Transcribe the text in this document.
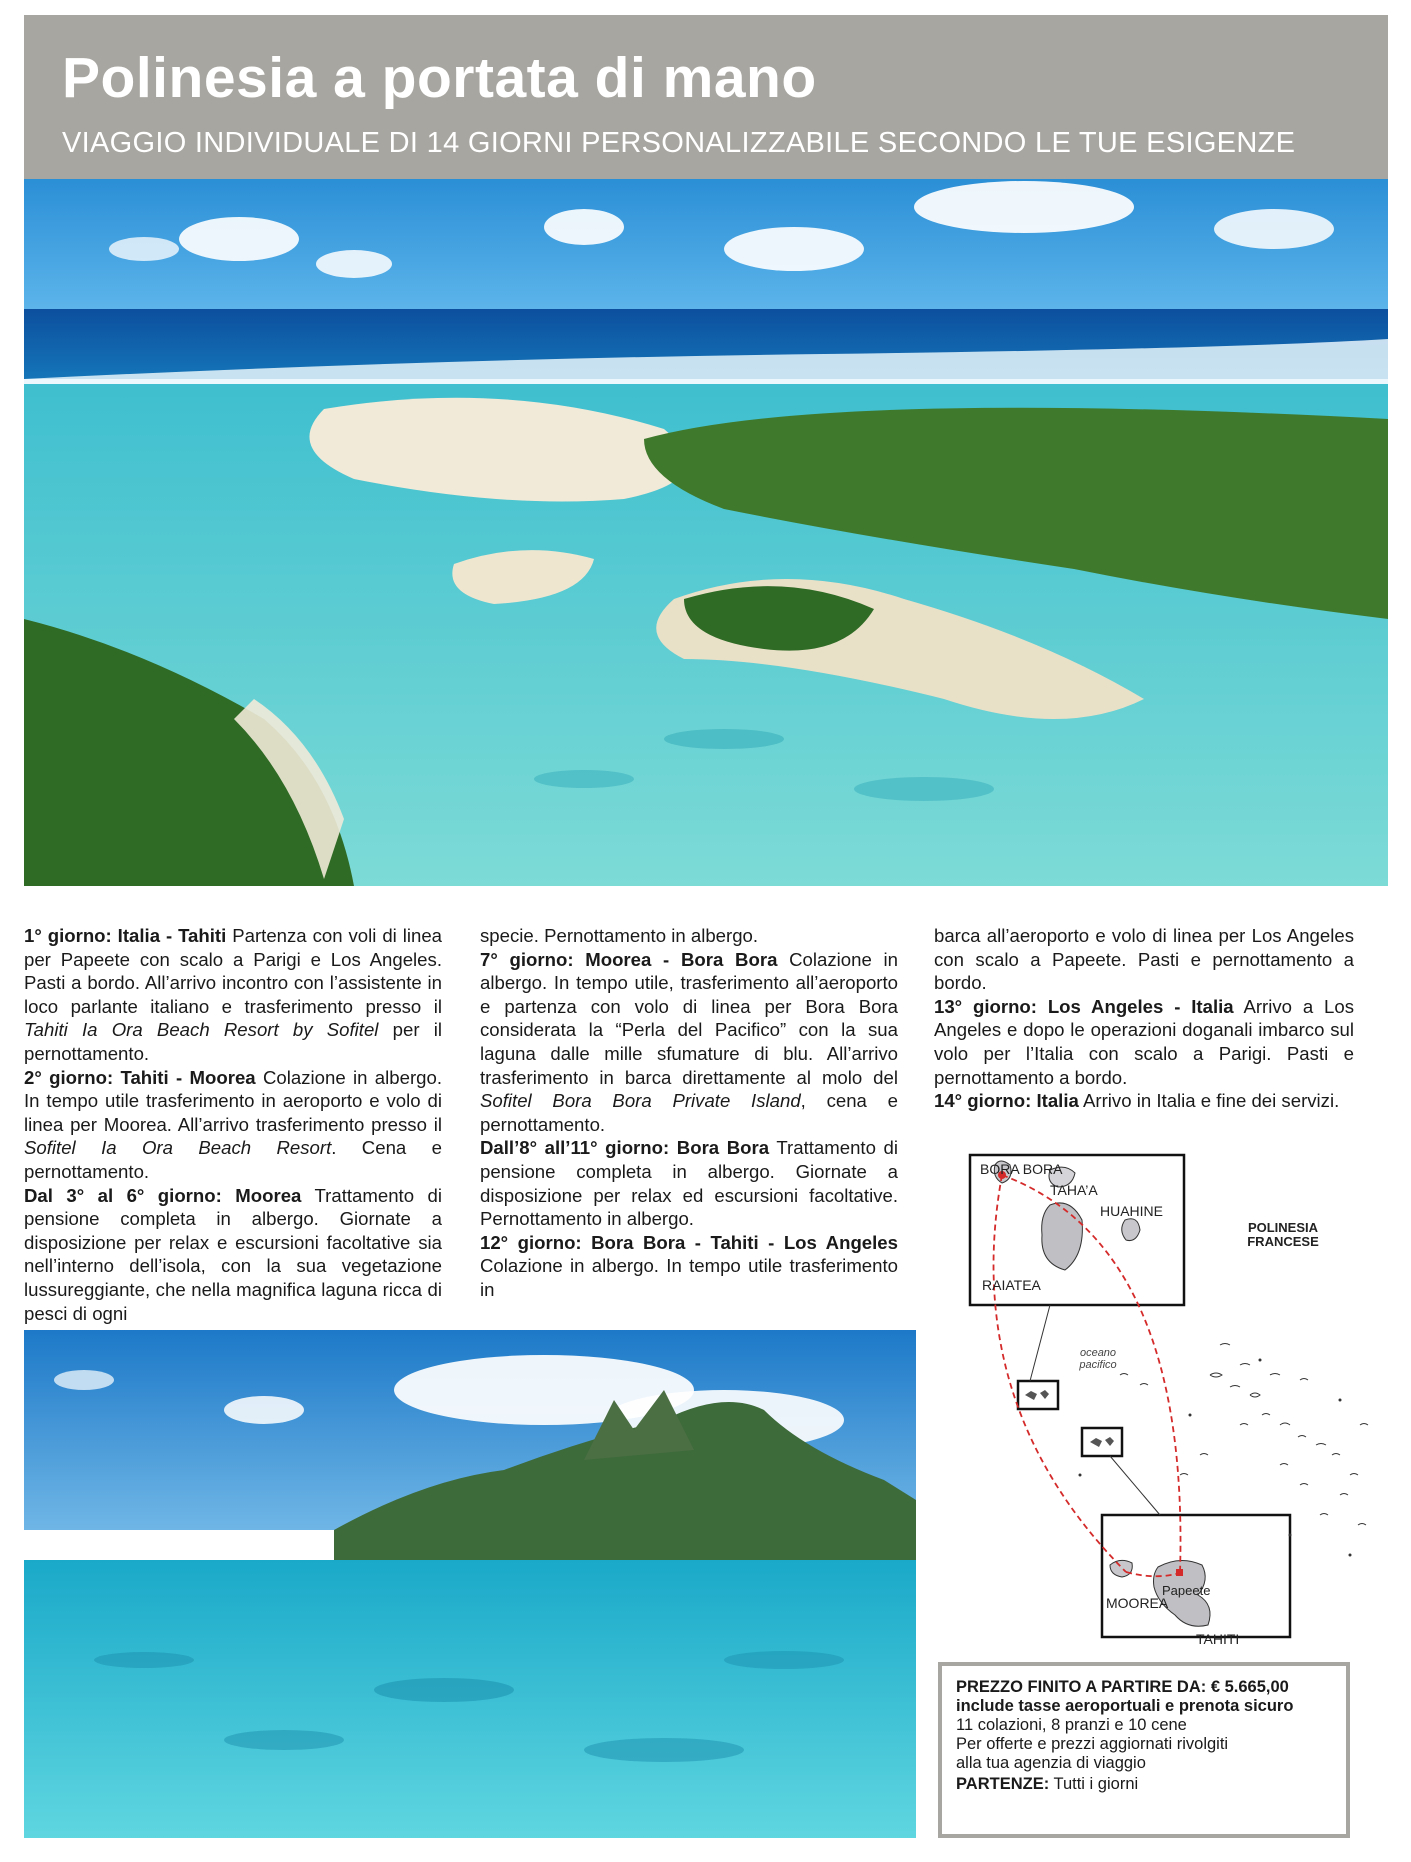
Polinesia a portata di mano
VIAGGIO INDIVIDUALE DI 14 GIORNI PERSONALIZZABILE SECONDO LE TUE ESIGENZE

1° giorno: Italia - Tahiti Partenza con voli di linea per Papeete con scalo a Parigi e Los Angeles. Pasti a bordo. All’arrivo incontro con l’assistente in loco parlante italiano e trasferimento presso il Tahiti Ia Ora Beach Resort by Sofitel per il pernottamento.

2° giorno: Tahiti - Moorea Colazione in albergo. In tempo utile trasferimento in aeroporto e volo di linea per Moorea. All’arrivo trasferimento presso il Sofitel Ia Ora Beach Resort. Cena e pernottamento.

Dal 3° al 6° giorno: Moorea Trattamento di pensione completa in albergo. Giornate a disposizione per relax e escursioni facoltative sia nell’interno dell’isola, con la sua vegetazione lussureggiante, che nella magnifica laguna ricca di pesci di ogni

specie. Pernottamento in albergo.

7° giorno: Moorea - Bora Bora Colazione in albergo. In tempo utile, trasferimento all’aeroporto e partenza con volo di linea per Bora Bora considerata la “Perla del Pacifico” con la sua laguna dalle mille sfumature di blu. All’arrivo trasferimento in barca direttamente al molo del Sofitel Bora Bora Private Island, cena e pernottamento.

Dall’8° all’11° giorno: Bora Bora Trattamento di pensione completa in albergo. Giornate a disposizione per relax ed escursioni facoltative. Pernottamento in albergo.

12° giorno: Bora Bora - Tahiti - Los Angeles Colazione in albergo. In tempo utile trasferimento in

barca all’aeroporto e volo di linea per Los Angeles con scalo a Papeete. Pasti e pernottamento a bordo.

13° giorno: Los Angeles - Italia Arrivo a Los Angeles e dopo le operazioni doganali imbarco sul volo per l’Italia con scalo a Parigi. Pasti e pernottamento a bordo.

14° giorno: Italia Arrivo in Italia e fine dei servizi.

BORA BORA
TAHA’A
HUAHINE
RAIATEA
POLINESIA FRANCESE
oceano pacifico
MOOREA
Papeete
TAHITI
PREZZO FINITO A PARTIRE DA: € 5.665,00
include tasse aeroportuali e prenota sicuro
11 colazioni, 8 pranzi e 10 cene
Per offerte e prezzi aggiornati rivolgiti
alla tua agenzia di viaggio
PARTENZE: Tutti i giorni
